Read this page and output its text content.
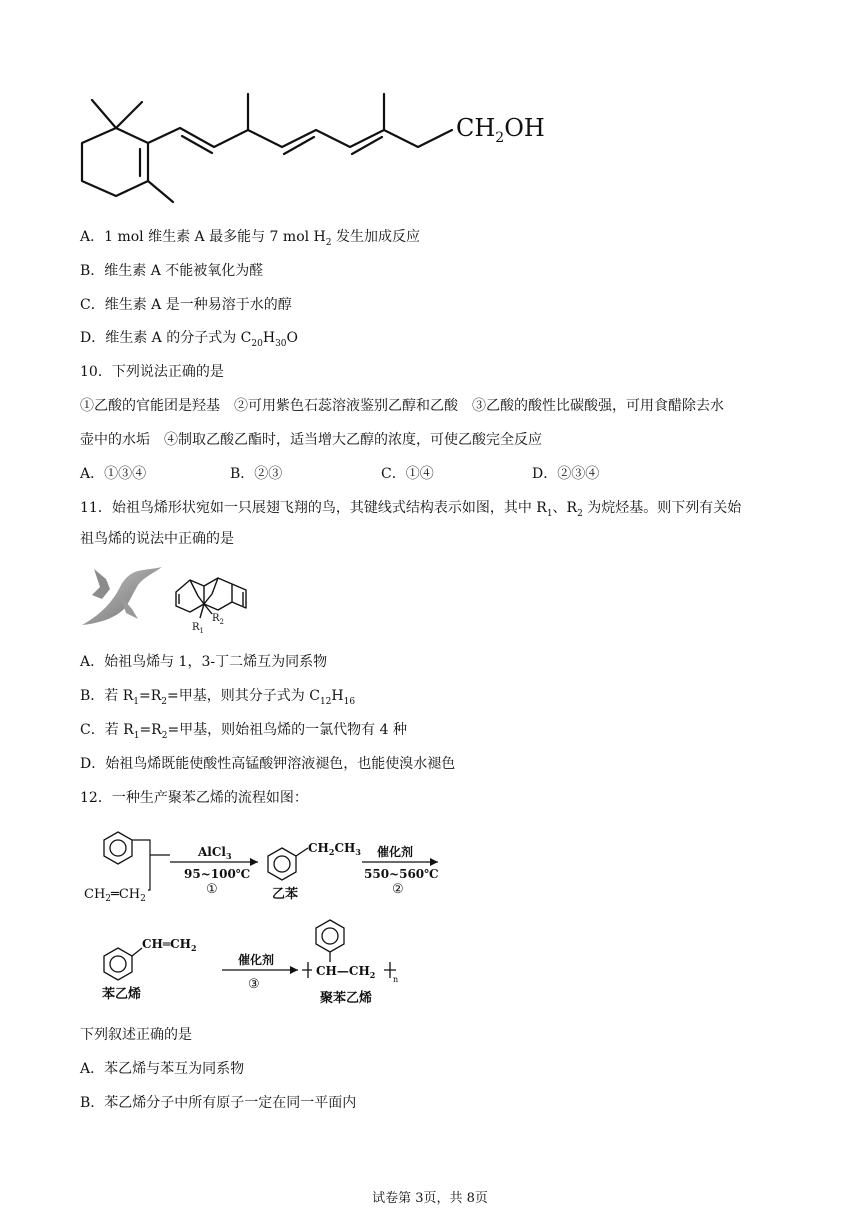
$CH_2OH$
A．1 mol 维生素 A 最多能与 7 mol $H_2$ 发生加成反应
B．维生素 A 不能被氧化为醛
C．维生素 A 是一种易溶于水的醇
D．维生素 A 的分子式为 $C_{20}H_{30}O$
10．下列说法正确的是
①乙酸的官能团是羟基　②可用紫色石蕊溶液鉴别乙醇和乙酸　③乙酸的酸性比碳酸强，可用食醋除去水
壶中的水垢　④制取乙酸乙酯时，适当增大乙醇的浓度，可使乙酸完全反应
A．①③④	B．②③	C．①④	D．②③④
11．始祖鸟烯形状宛如一只展翅飞翔的鸟，其键线式结构表示如图，其中 $R_1$、$R_2$ 为烷烃基。则下列有关始
祖鸟烯的说法中正确的是
$R_1$
$R_2$
A．始祖鸟烯与 1，3-丁二烯互为同系物
B．若 $R_1=R_2=$甲基，则其分子式为 $C_{12}H_{16}$
C．若 $R_1=R_2=$甲基，则始祖鸟烯的一氯代物有 4 种
D．始祖鸟烯既能使酸性高锰酸钾溶液褪色，也能使溴水褪色
12．一种生产聚苯乙烯的流程如图：
$CH_2═CH_2$
AlCl$_3$
95~100℃
①
$CH_2CH_3$
乙苯
催化剂
550~560℃
②
$CH═CH_2$
苯乙烯
催化剂
③
$CH—CH_2$ n
聚苯乙烯
下列叙述正确的是
A．苯乙烯与苯互为同系物
B．苯乙烯分子中所有原子一定在同一平面内
试卷第 3页，共 8页
